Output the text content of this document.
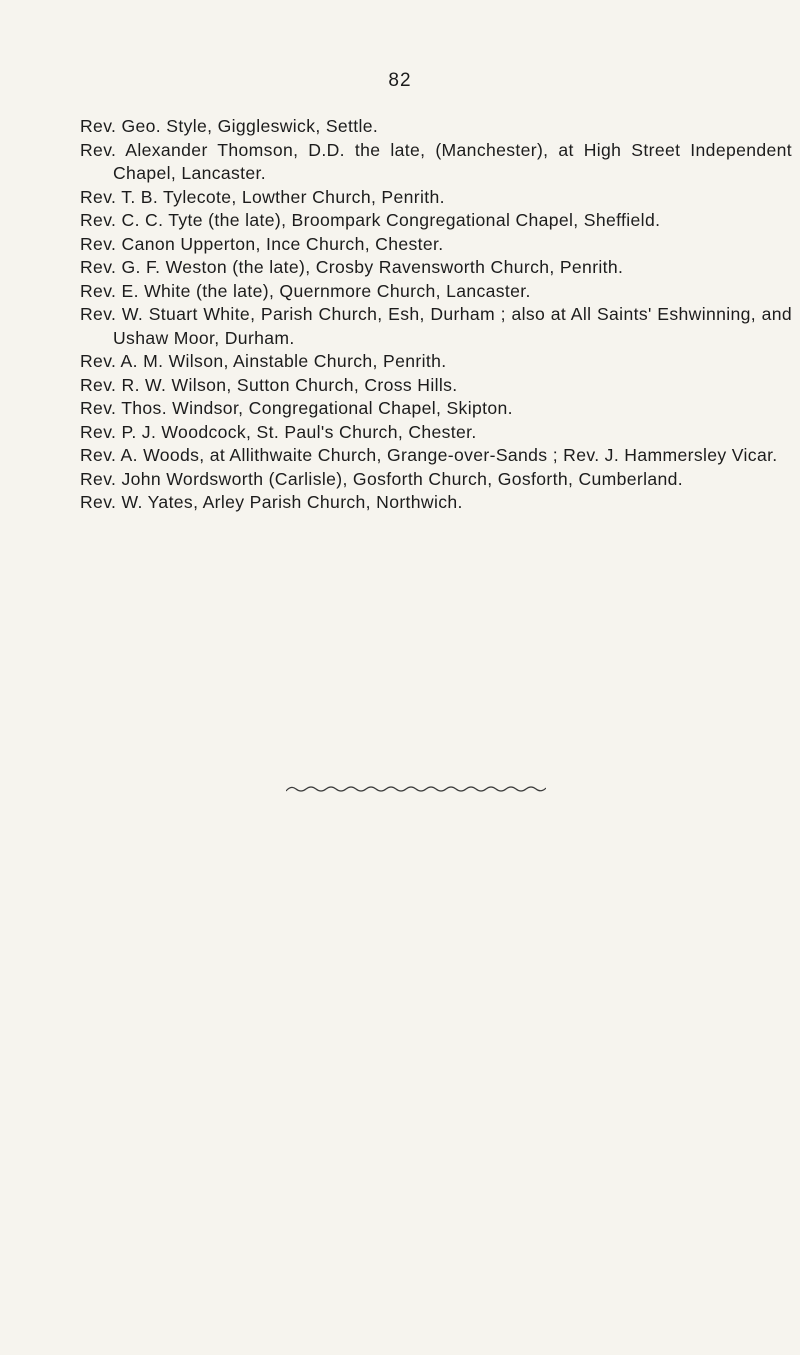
82
Rev. Geo. Style, Giggleswick, Settle.
Rev. Alexander Thomson, D.D. the late, (Manchester), at High Street Independent Chapel, Lancaster.
Rev. T. B. Tylecote, Lowther Church, Penrith.
Rev. C. C. Tyte (the late), Broompark Congregational Chapel, Sheffield.
Rev. Canon Upperton, Ince Church, Chester.
Rev. G. F. Weston (the late), Crosby Ravensworth Church, Penrith.
Rev. E. White (the late), Quernmore Church, Lancaster.
Rev. W. Stuart White, Parish Church, Esh, Durham ; also at All Saints' Eshwinning, and Ushaw Moor, Durham.
Rev. A. M. Wilson, Ainstable Church, Penrith.
Rev. R. W. Wilson, Sutton Church, Cross Hills.
Rev. Thos. Windsor, Congregational Chapel, Skipton.
Rev. P. J. Woodcock, St. Paul's Church, Chester.
Rev. A. Woods, at Allithwaite Church, Grange-over-Sands ; Rev. J. Hammersley Vicar.
Rev. John Wordsworth (Carlisle), Gosforth Church, Gosforth, Cumberland.
Rev. W. Yates, Arley Parish Church, Northwich.
